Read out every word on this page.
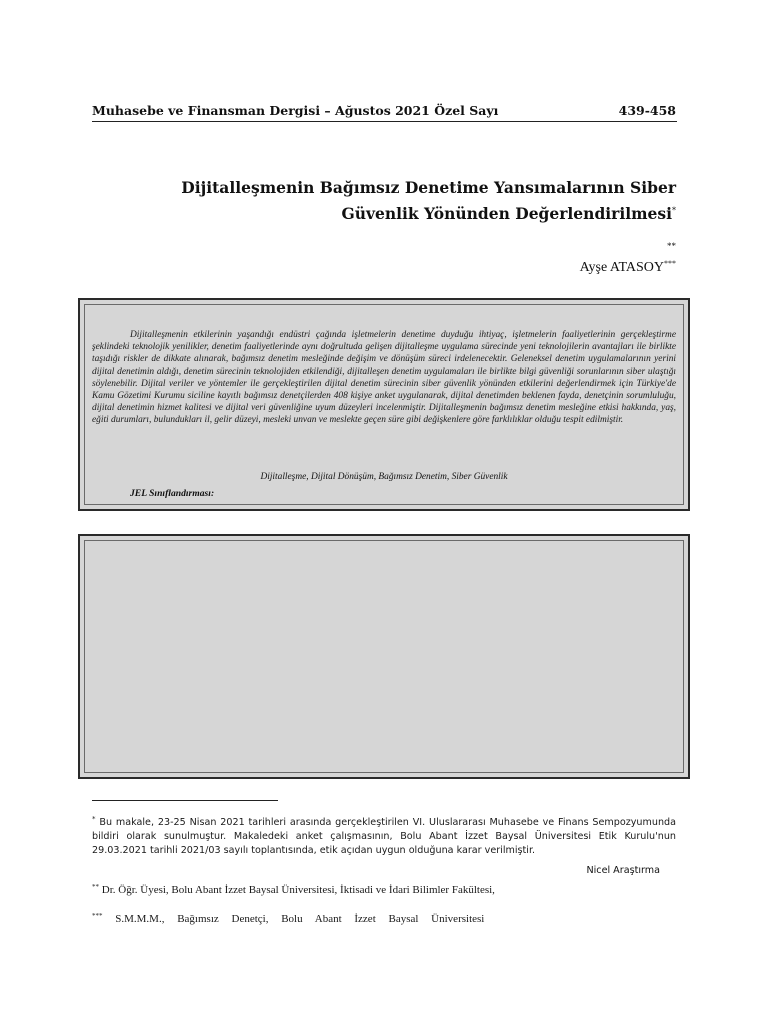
Muhasebe ve Finansman Dergisi – Ağustos 2021 Özel Sayı	439-458
Dijitalleşmenin Bağımsız Denetime Yansımalarının Siber
Güvenlik Yönünden Değerlendirilmesi*
**
Ayşe ATASOY***

Dijitalleşmenin etkilerinin yaşandığı endüstri çağında işletmelerin denetime duyduğu ihtiyaç, işletmelerin faaliyetlerinin gerçekleştirme şeklindeki teknolojik yenilikler, denetim faaliyetlerinde aynı doğrultuda gelişen dijitalleşme uygulama sürecinde yeni teknolojilerin avantajları ile birlikte taşıdığı riskler de dikkate alınarak, bağımsız denetim mesleğinde değişim ve dönüşüm süreci irdelenecektir. Geleneksel denetim uygulamalarının yerini dijital denetimin aldığı, denetim sürecinin teknolojiden etkilendiği, dijitalleşen denetim uygulamaları ile birlikte bilgi güvenliği sorunlarının siber ulaştığı söylenebilir. Dijital veriler ve yöntemler ile gerçekleştirilen dijital denetim sürecinin siber güvenlik yönünden etkilerini değerlendirmek için Türkiye'de Kamu Gözetimi Kurumu siciline kayıtlı bağımsız denetçilerden 408 kişiye anket uygulanarak, dijital denetimden beklenen fayda, denetçinin sorumluluğu, dijital denetimin hizmet kalitesi ve dijital veri güvenliğine uyum düzeyleri incelenmiştir. Dijitalleşmenin bağımsız denetim mesleğine etkisi hakkında, yaş, eğiti durumları, bulundukları il, gelir düzeyi, mesleki unvan ve meslekte geçen süre gibi değişkenlere göre farklılıklar olduğu tespit edilmiştir.

Dijitalleşme, Dijital Dönüşüm, Bağımsız Denetim, Siber Güvenlik
JEL Sınıflandırması:
* Bu makale, 23-25 Nisan 2021 tarihleri arasında gerçekleştirilen VI. Uluslararası Muhasebe ve Finans Sempozyumunda bildiri olarak sunulmuştur. Makaledeki anket çalışmasının, Bolu Abant İzzet Baysal Üniversitesi Etik Kurulu'nun 29.03.2021 tarihli 2021/03 sayılı toplantısında, etik açıdan uygun olduğuna karar verilmiştir.
Nicel Araştırma
** Dr. Öğr. Üyesi, Bolu Abant İzzet Baysal Üniversitesi, İktisadi ve İdari Bilimler Fakültesi,
*** S.M.M.M., Bağımsız Denetçi, Bolu Abant İzzet Baysal Üniversitesi
